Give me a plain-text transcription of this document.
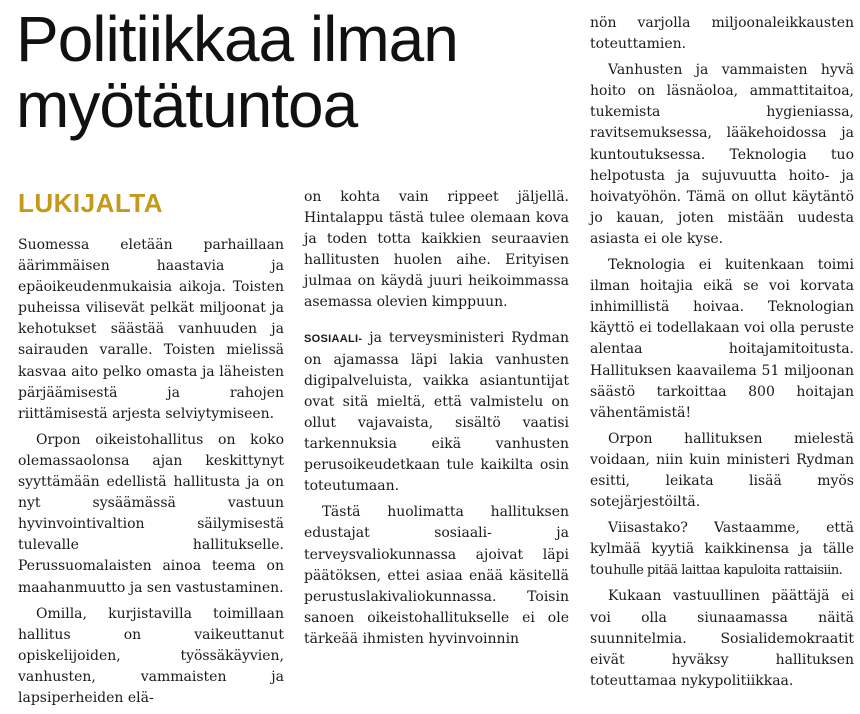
Politiikkaa ilman myötätuntoa
LUKIJALTA

Suomessa eletään parhaillaan äärimmäisen haastavia ja epäoikeudenmukaisia aikoja. Toisten puheissa vilisevät pelkät miljoonat ja kehotukset säästää vanhuuden ja sairauden varalle. Toisten mielissä kasvaa aito pelko omasta ja läheisten pärjäämisestä ja rahojen riittämisestä arjesta selviytymiseen.

Orpon oikeistohallitus on koko olemassaolonsa ajan keskittynyt syyttämään edellistä hallitusta ja on nyt sysäämässä vastuun hyvinvointivaltion säilymisestä tulevalle hallitukselle. Perussuomalaisten ainoa teema on maahanmuutto ja sen vastustaminen.

Omilla, kurjistavilla toimillaan hallitus on vaikeuttanut opiskelijoiden, työssäkäyvien, vanhusten, vammaisten ja lapsiperheiden elä-

on kohta vain rippeet jäljellä. Hintalappu tästä tulee olemaan kova ja toden totta kaikkien seuraavien hallitusten huolen aihe. Erityisen julmaa on käydä juuri heikoimmassa asemassa olevien kimppuun.

SOSIAALI- ja terveysministeri Rydman on ajamassa läpi lakia vanhusten digipalveluista, vaikka asiantuntijat ovat sitä mieltä, että valmistelu on ollut vajavaista, sisältö vaatisi tarkennuksia eikä vanhusten perusoikeudetkaan tule kaikilta osin toteutumaan.

Tästä huolimatta hallituksen edustajat sosiaali- ja terveysvaliokunnassa ajoivat läpi päätöksen, ettei asiaa enää käsitellä perustuslakivaliokunnassa. Toisin sanoen oikeistohallitukselle ei ole tärkeää ihmisten hyvinvoinnin

nön varjolla miljoonaleikkausten toteuttamien.

Vanhusten ja vammaisten hyvä hoito on läsnäoloa, ammattitaitoa, tukemista hygieniassa, ravitsemuksessa, lääkehoidossa ja kuntoutuksessa. Teknologia tuo helpotusta ja sujuvuutta hoito- ja hoivatyöhön. Tämä on ollut käytäntö jo kauan, joten mistään uudesta asiasta ei ole kyse.

Teknologia ei kuitenkaan toimi ilman hoitajia eikä se voi korvata inhimillistä hoivaa. Teknologian käyttö ei todellakaan voi olla peruste alentaa hoitajamitoitusta. Hallituksen kaavailema 51 miljoonan säästö tarkoittaa 800 hoitajan vähentämistä!

Orpon hallituksen mielestä voidaan, niin kuin ministeri Rydman esitti, leikata lisää myös sotejärjestöiltä.

Viisastako? Vastaamme, että kylmää kyytiä kaikkinensa ja tälle touhulle pitää laittaa kapuloita rattaisiin.

Kukaan vastuullinen päättäjä ei voi olla siunaamassa näitä suunnitelmia. Sosialidemokraatit eivät hyväksy hallituksen toteuttamaa nykypolitiikkaa.
